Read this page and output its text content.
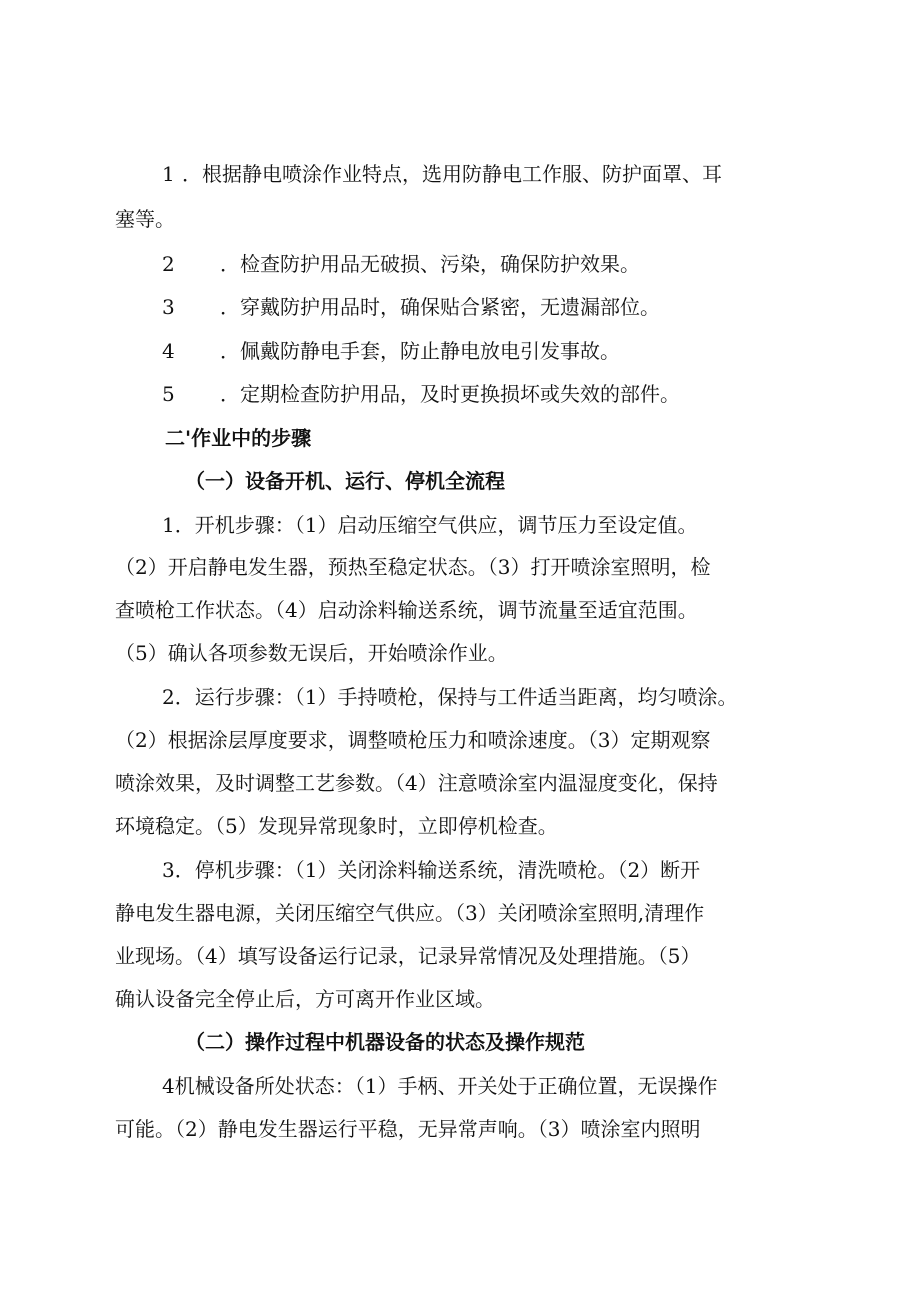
1 ．根据静电喷涂作业特点，选用防静电工作服、防护面罩、耳
塞等。
2 ．检查防护用品无破损、污染，确保防护效果。
3 ．穿戴防护用品时，确保贴合紧密，无遗漏部位。
4 ．佩戴防静电手套，防止静电放电引发事故。
5 ．定期检查防护用品，及时更换损坏或失效的部件。
二'作业中的步骤
（一）设备开机、运行、停机全流程
1．开机步骤：（1）启动压缩空气供应，调节压力至设定值。
（2）开启静电发生器，预热至稳定状态。（3）打开喷涂室照明，检
查喷枪工作状态。（4）启动涂料输送系统，调节流量至适宜范围。
（5）确认各项参数无误后，开始喷涂作业。
2．运行步骤：（1）手持喷枪，保持与工件适当距离，均匀喷涂。
（2）根据涂层厚度要求，调整喷枪压力和喷涂速度。（3）定期观察
喷涂效果，及时调整工艺参数。（4）注意喷涂室内温湿度变化，保持
环境稳定。（5）发现异常现象时，立即停机检查。
3．停机步骤：（1）关闭涂料输送系统，清洗喷枪。（2）断开
静电发生器电源，关闭压缩空气供应。（3）关闭喷涂室照明,清理作
业现场。（4）填写设备运行记录，记录异常情况及处理措施。（5）
确认设备完全停止后，方可离开作业区域。
（二）操作过程中机器设备的状态及操作规范
4机械设备所处状态：（1）手柄、开关处于正确位置，无误操作
可能。（2）静电发生器运行平稳，无异常声响。（3）喷涂室内照明
